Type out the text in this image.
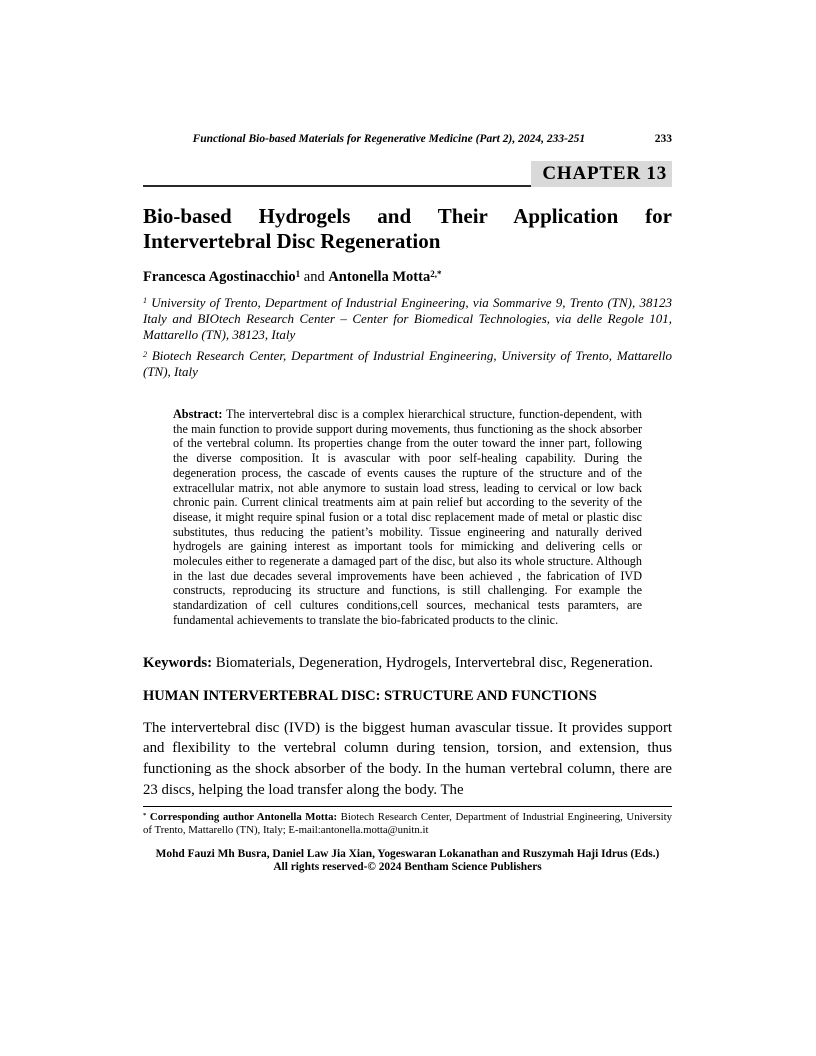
Functional Bio-based Materials for Regenerative Medicine (Part 2), 2024, 233-251	233
CHAPTER 13
Bio-based Hydrogels and Their Application for Intervertebral Disc Regeneration

Francesca Agostinacchio$^1$ and Antonella Motta$^{2,*}$

$^1$ University of Trento, Department of Industrial Engineering, via Sommarive 9, Trento (TN), 38123 Italy and BIOtech Research Center – Center for Biomedical Technologies, via delle Regole 101, Mattarello (TN), 38123, Italy

$^2$ Biotech Research Center, Department of Industrial Engineering, University of Trento, Mattarello (TN), Italy

Abstract: The intervertebral disc is a complex hierarchical structure, function-dependent, with the main function to provide support during movements, thus functioning as the shock absorber of the vertebral column. Its properties change from the outer toward the inner part, following the diverse composition. It is avascular with poor self-healing capability. During the degeneration process, the cascade of events causes the rupture of the structure and of the extracellular matrix, not able anymore to sustain load stress, leading to cervical or low back chronic pain. Current clinical treatments aim at pain relief but according to the severity of the disease, it might require spinal fusion or a total disc replacement made of metal or plastic disc substitutes, thus reducing the patient’s mobility. Tissue engineering and naturally derived hydrogels are gaining interest as important tools for mimicking and delivering cells or molecules either to regenerate a damaged part of the disc, but also its whole structure. Although in the last due decades several improvements have been achieved , the fabrication of IVD constructs, reproducing its structure and functions, is still challenging. For example the standardization of cell cultures conditions,cell sources, mechanical tests paramters, are fundamental achievements to translate the bio-fabricated products to the clinic.

Keywords: Biomaterials, Degeneration, Hydrogels, Intervertebral disc, Regeneration.

HUMAN INTERVERTEBRAL DISC: STRUCTURE AND FUNCTIONS

The intervertebral disc (IVD) is the biggest human avascular tissue. It provides support and flexibility to the vertebral column during tension, torsion, and extension, thus functioning as the shock absorber of the body. In the human vertebral column, there are 23 discs, helping the load transfer along the body. The

* Corresponding author Antonella Motta: Biotech Research Center, Department of Industrial Engineering, University of Trento, Mattarello (TN), Italy; E-mail:antonella.motta@unitn.it

Mohd Fauzi Mh Busra, Daniel Law Jia Xian, Yogeswaran Lokanathan and Ruszymah Haji Idrus (Eds.)
All rights reserved-© 2024 Bentham Science Publishers
